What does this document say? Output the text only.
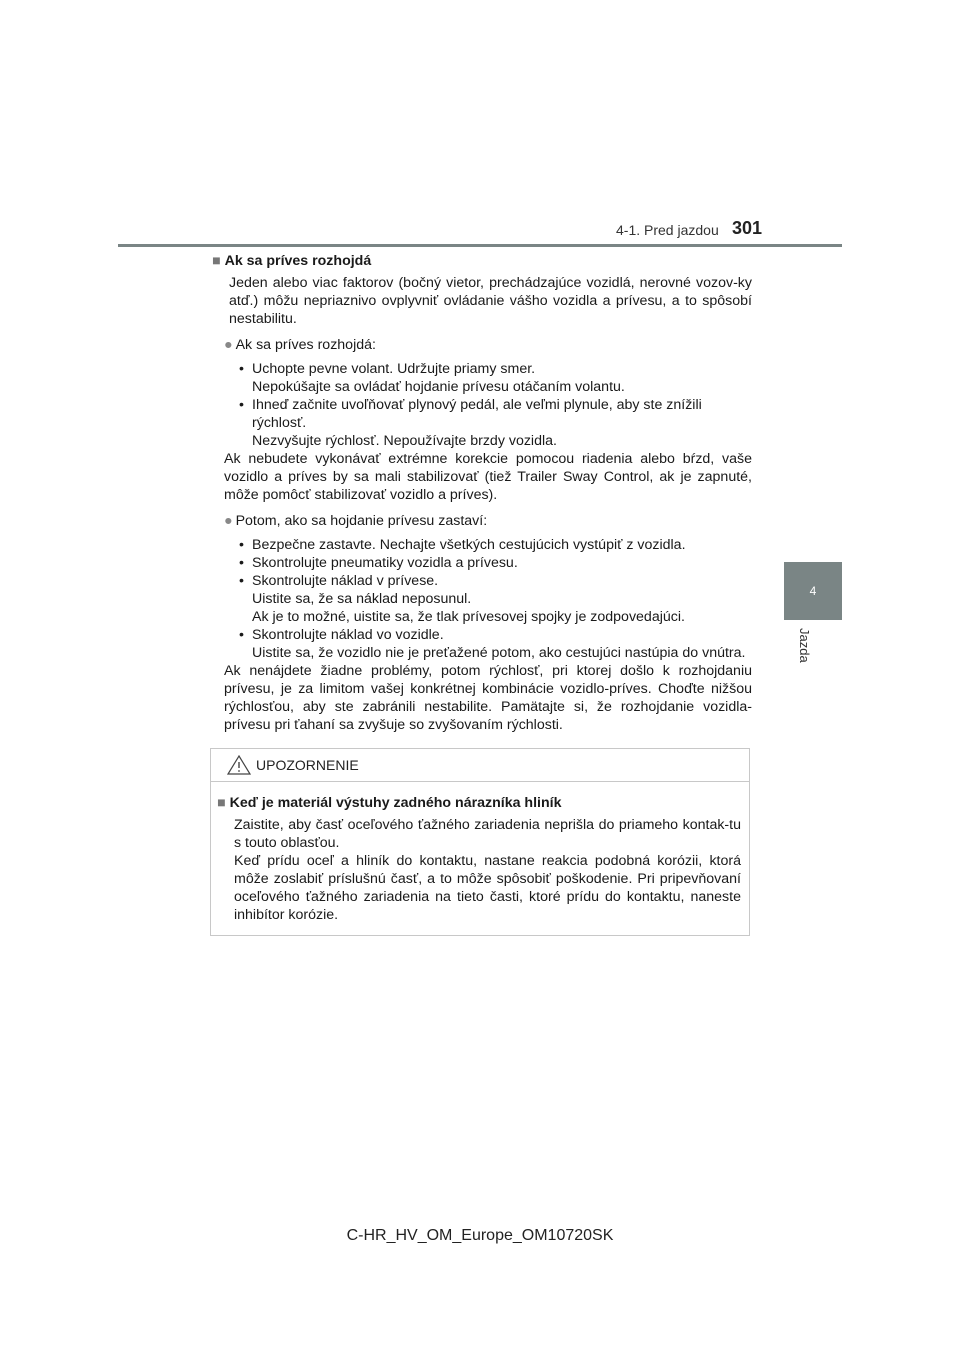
4-1. Pred jazdou 301
4
Jazda
■ Ak sa príves rozhojdá

Jeden alebo viac faktorov (bočný vietor, prechádzajúce vozidlá, nerovné vozov-ky atď.) môžu nepriaznivo ovplyvniť ovládanie vášho vozidla a prívesu, a to spôsobí nestabilitu.

● Ak sa príves rozhojdá:
• Uchopte pevne volant. Udržujte priamy smer.
Nepokúšajte sa ovládať hojdanie prívesu otáčaním volantu.
• Ihneď začnite uvoľňovať plynový pedál, ale veľmi plynule, aby ste znížili rýchlosť.

Nezvyšujte rýchlosť. Nepoužívajte brzdy vozidla.

Ak nebudete vykonávať extrémne korekcie pomocou riadenia alebo bŕzd, vaše vozidlo a príves by sa mali stabilizovať (tiež Trailer Sway Control, ak je zapnuté, môže pomôcť stabilizovať vozidlo a príves).

● Potom, ako sa hojdanie prívesu zastaví:
• Bezpečne zastavte. Nechajte všetkých cestujúcich vystúpiť z vozidla.
• Skontrolujte pneumatiky vozidla a prívesu.
• Skontrolujte náklad v prívese.
Uistite sa, že sa náklad neposunul.
Ak je to možné, uistite sa, že tlak prívesovej spojky je zodpovedajúci.
• Skontrolujte náklad vo vozidle.

Uistite sa, že vozidlo nie je preťažené potom, ako cestujúci nastúpia do vnútra.

Ak nenájdete žiadne problémy, potom rýchlosť, pri ktorej došlo k rozhojdaniu prívesu, je za limitom vašej konkrétnej kombinácie vozidlo-príves. Choďte nižšou rýchlosťou, aby ste zabránili nestabilite. Pamätajte si, že rozhojdanie vozidla-prívesu pri ťahaní sa zvyšuje so zvyšovaním rýchlosti.

UPOZORNENIE
■ Keď je materiál výstuhy zadného nárazníka hliník

Zaistite, aby časť oceľového ťažného zariadenia neprišla do priameho kontak-tu s touto oblasťou.

Keď prídu oceľ a hliník do kontaktu, nastane reakcia podobná korózii, ktorá môže zoslabiť príslušnú časť, a to môže spôsobiť poškodenie. Pri pripevňovaní oceľového ťažného zariadenia na tieto časti, ktoré prídu do kontaktu, naneste inhibítor korózie.

C-HR_HV_OM_Europe_OM10720SK
